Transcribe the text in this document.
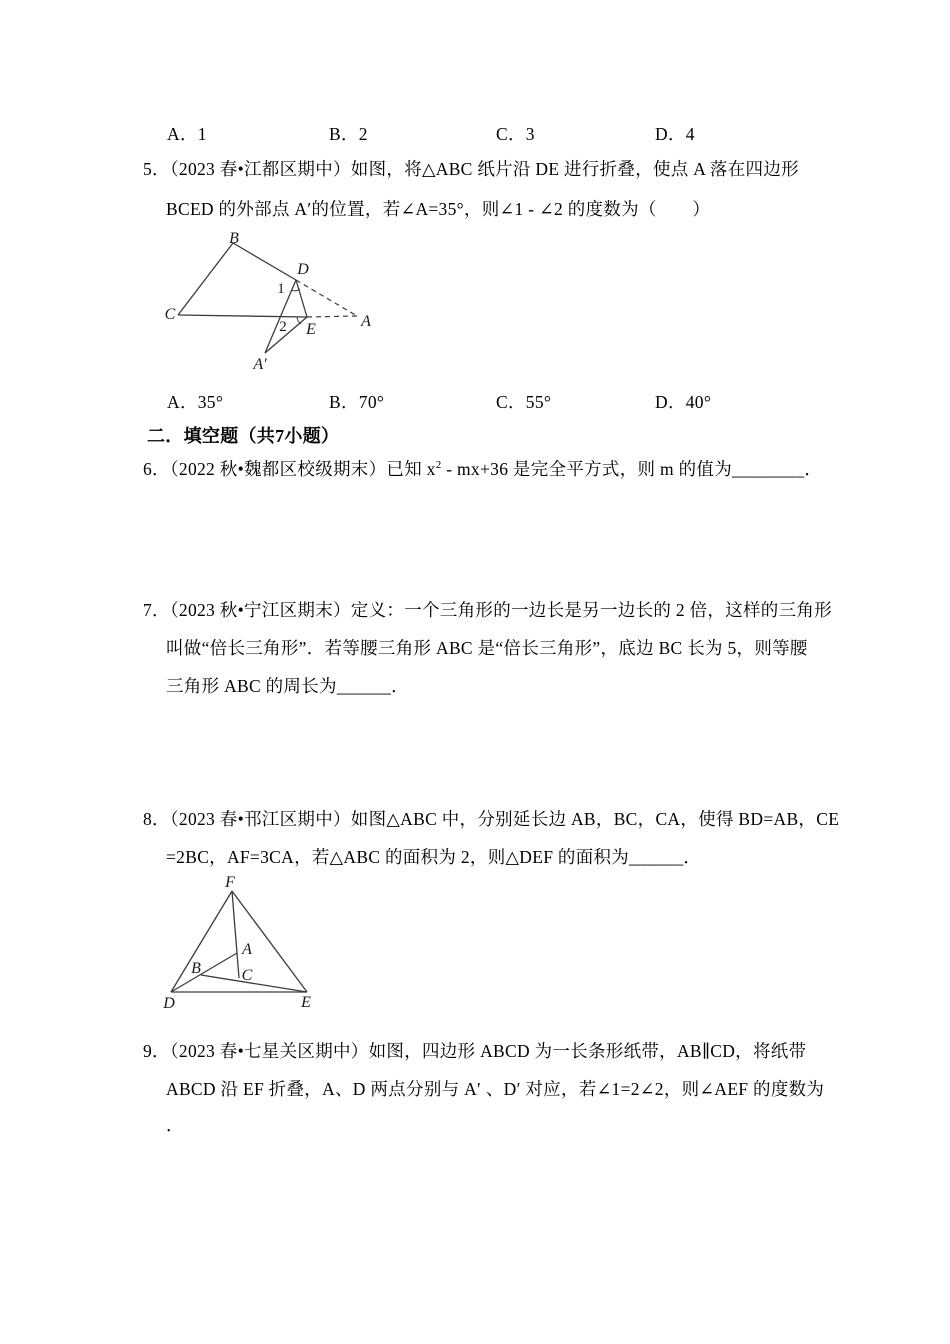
A．1	B．2	C．3	D．4
5．（2023 春•江都区期中）如图，将△ABC 纸片沿 DE 进行折叠，使点 A 落在四边形
BCED 的外部点 A′的位置，若∠A=35°，则∠1 - ∠2 的度数为（　　）
B
C
D
E	A
A′
1
2
A．35°	B．70°	C．55°	D．40°
二．填空题（共7小题）
6．（2022 秋•魏都区校级期末）已知 $x^2 - mx+36$ 是完全平方式，则 m 的值为________．
7．（2023 秋•宁江区期末）定义：一个三角形的一边长是另一边长的 2 倍，这样的三角形
叫做“倍长三角形”．若等腰三角形 ABC 是“倍长三角形”，底边 BC 长为 5，则等腰
三角形 ABC 的周长为______．
8．（2023 春•邗江区期中）如图△ABC 中，分别延长边 AB，BC，CA，使得 BD=AB，CE
=2BC，AF=3CA，若△ABC 的面积为 2，则△DEF 的面积为______．
F
A
B	C
D	E
9．（2023 春•七星关区期中）如图，四边形 ABCD 为一长条形纸带，AB∥CD，将纸带
ABCD 沿 EF 折叠，A、D 两点分别与 A′ 、D′ 对应，若∠1=2∠2，则∠AEF 的度数为
．
